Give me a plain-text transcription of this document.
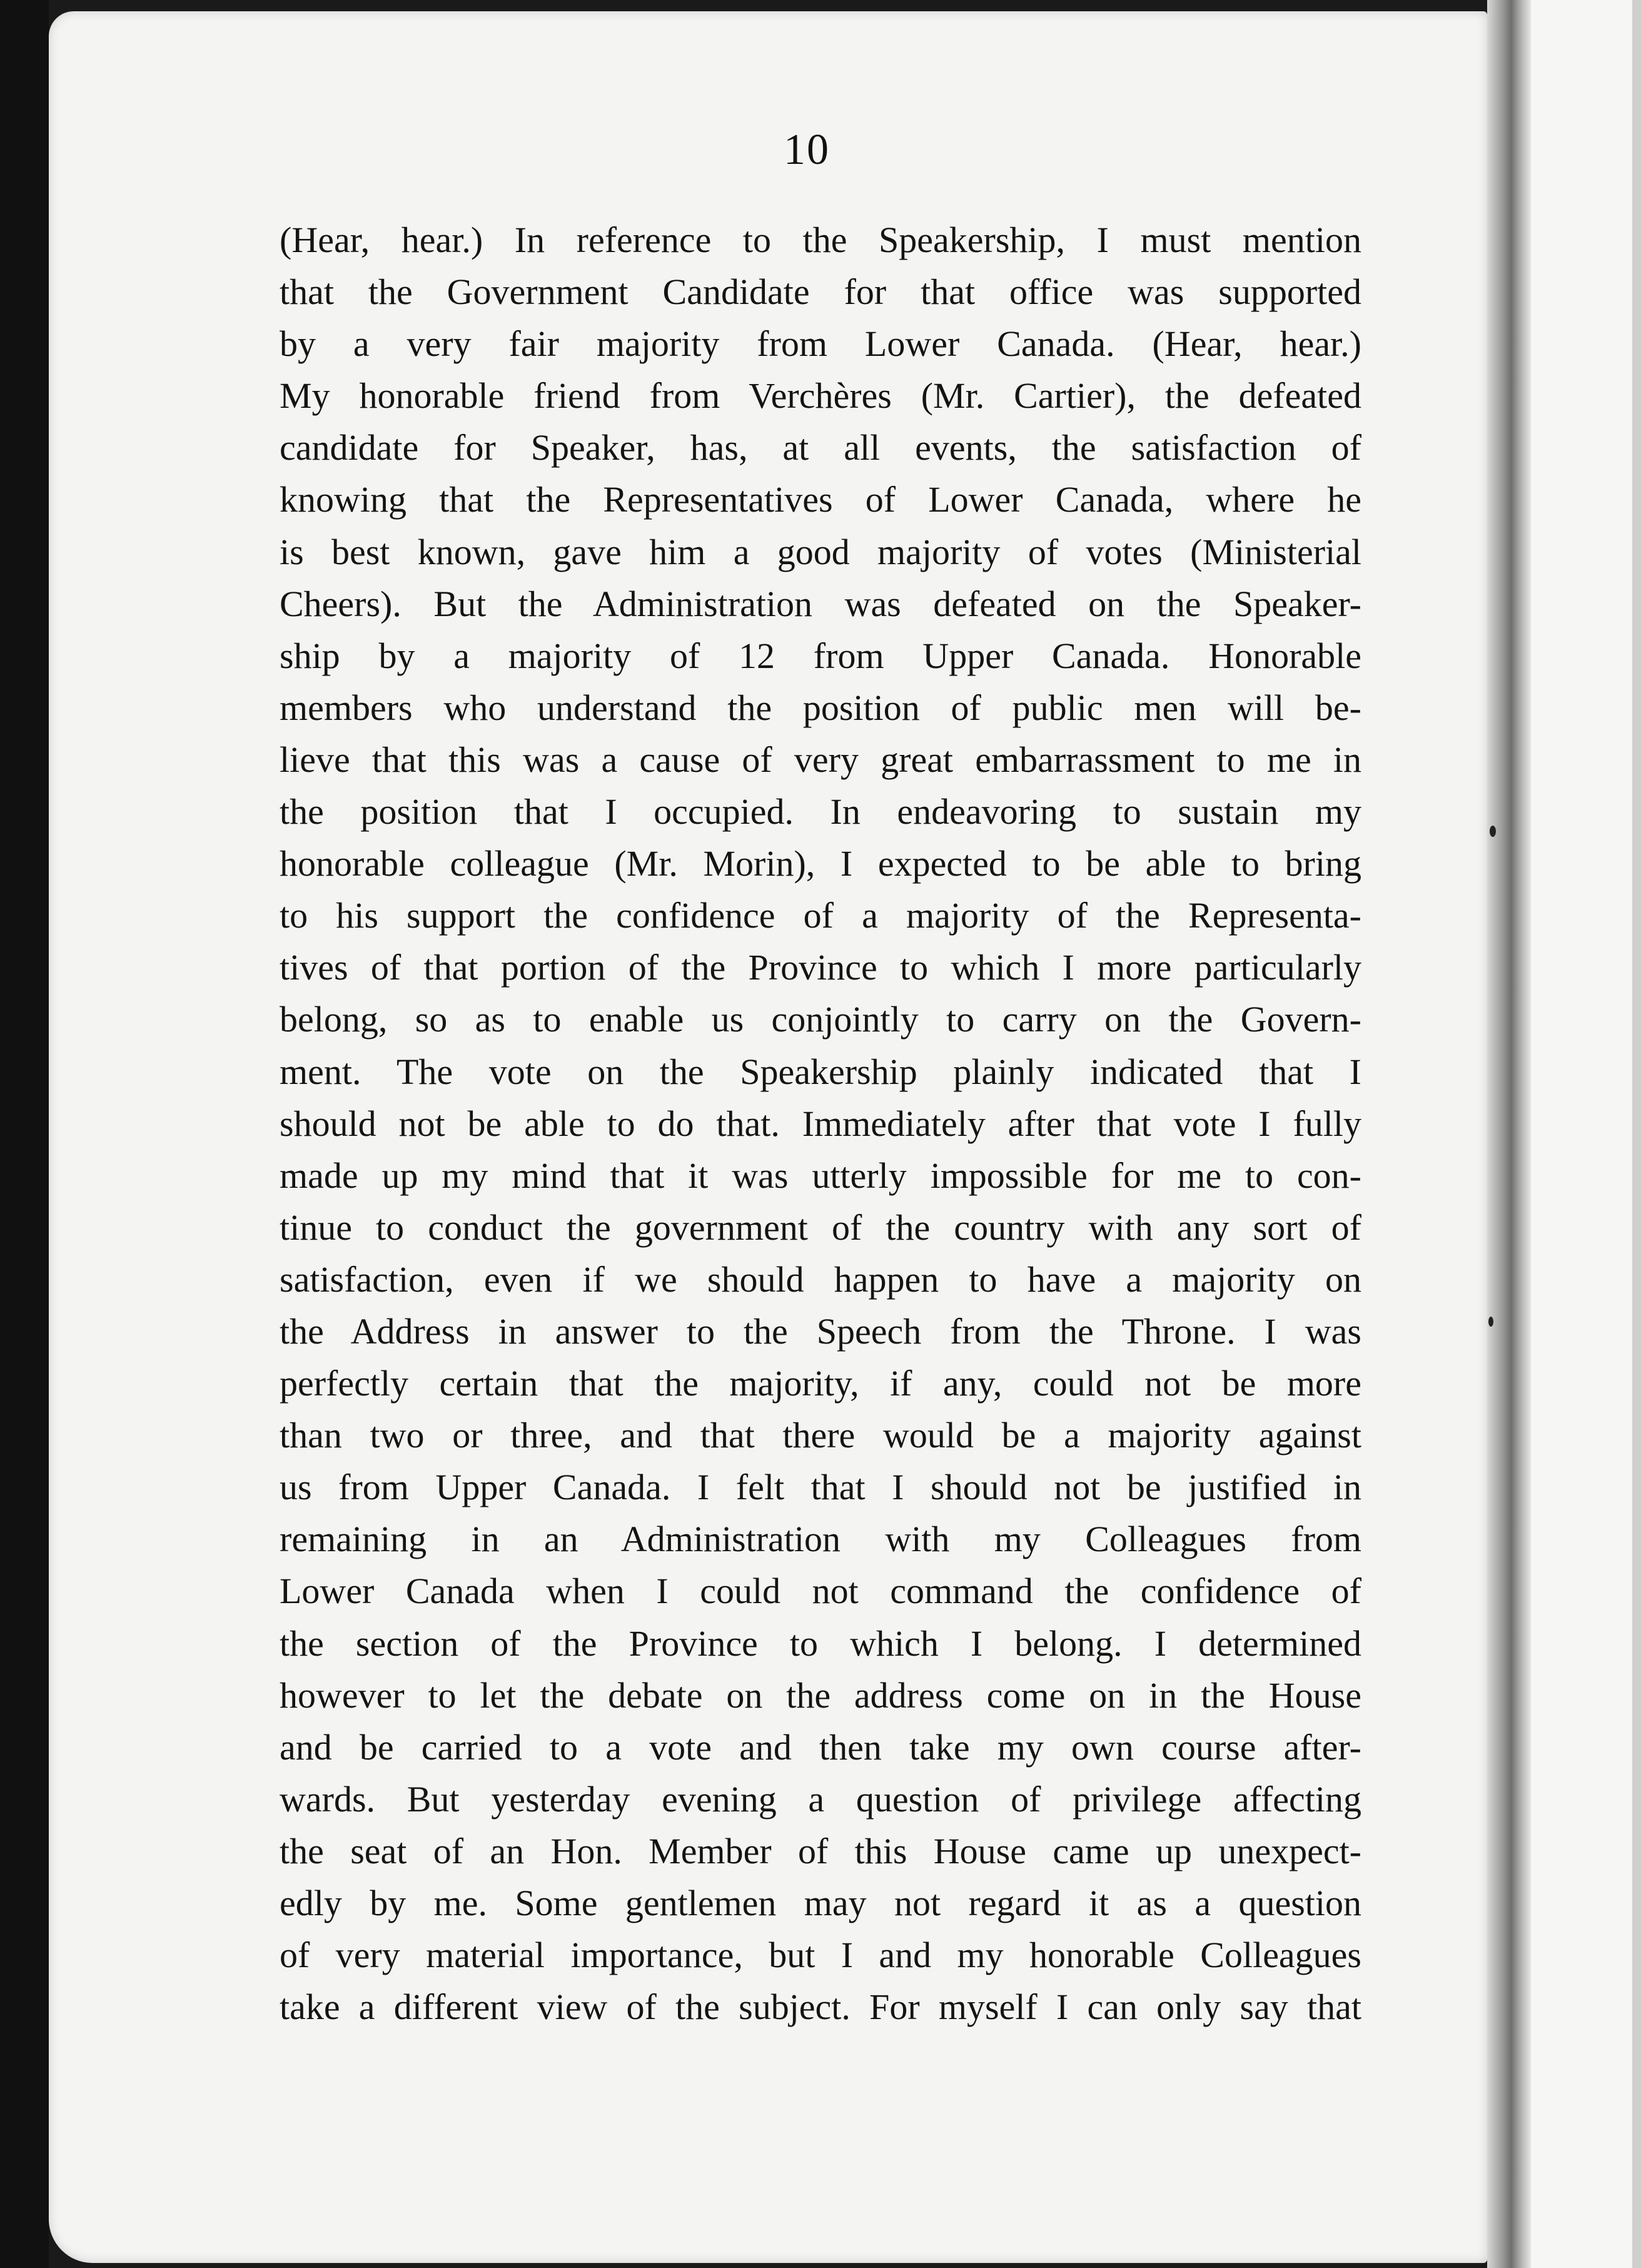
10
(Hear, hear.) In reference to the Speakership, I must mention
that the Government Candidate for that office was supported
by a very fair majority from Lower Canada. (Hear, hear.)
My honorable friend from Verchères (Mr. Cartier), the defeated
candidate for Speaker, has, at all events, the satisfaction of
knowing that the Representatives of Lower Canada, where he
is best known, gave him a good majority of votes (Ministerial
Cheers). But the Administration was defeated on the Speaker-
ship by a majority of 12 from Upper Canada. Honorable
members who understand the position of public men will be-
lieve that this was a cause of very great embarrassment to me in
the position that I occupied. In endeavoring to sustain my
honorable colleague (Mr. Morin), I expected to be able to bring
to his support the confidence of a majority of the Representa-
tives of that portion of the Province to which I more particularly
belong, so as to enable us conjointly to carry on the Govern-
ment. The vote on the Speakership plainly indicated that I
should not be able to do that. Immediately after that vote I fully
made up my mind that it was utterly impossible for me to con-
tinue to conduct the government of the country with any sort of
satisfaction, even if we should happen to have a majority on
the Address in answer to the Speech from the Throne. I was
perfectly certain that the majority, if any, could not be more
than two or three, and that there would be a majority against
us from Upper Canada. I felt that I should not be justified in
remaining in an Administration with my Colleagues from
Lower Canada when I could not command the confidence of
the section of the Province to which I belong. I determined
however to let the debate on the address come on in the House
and be carried to a vote and then take my own course after-
wards. But yesterday evening a question of privilege affecting
the seat of an Hon. Member of this House came up unexpect-
edly by me. Some gentlemen may not regard it as a question
of very material importance, but I and my honorable Colleagues
take a different view of the subject. For myself I can only say that
